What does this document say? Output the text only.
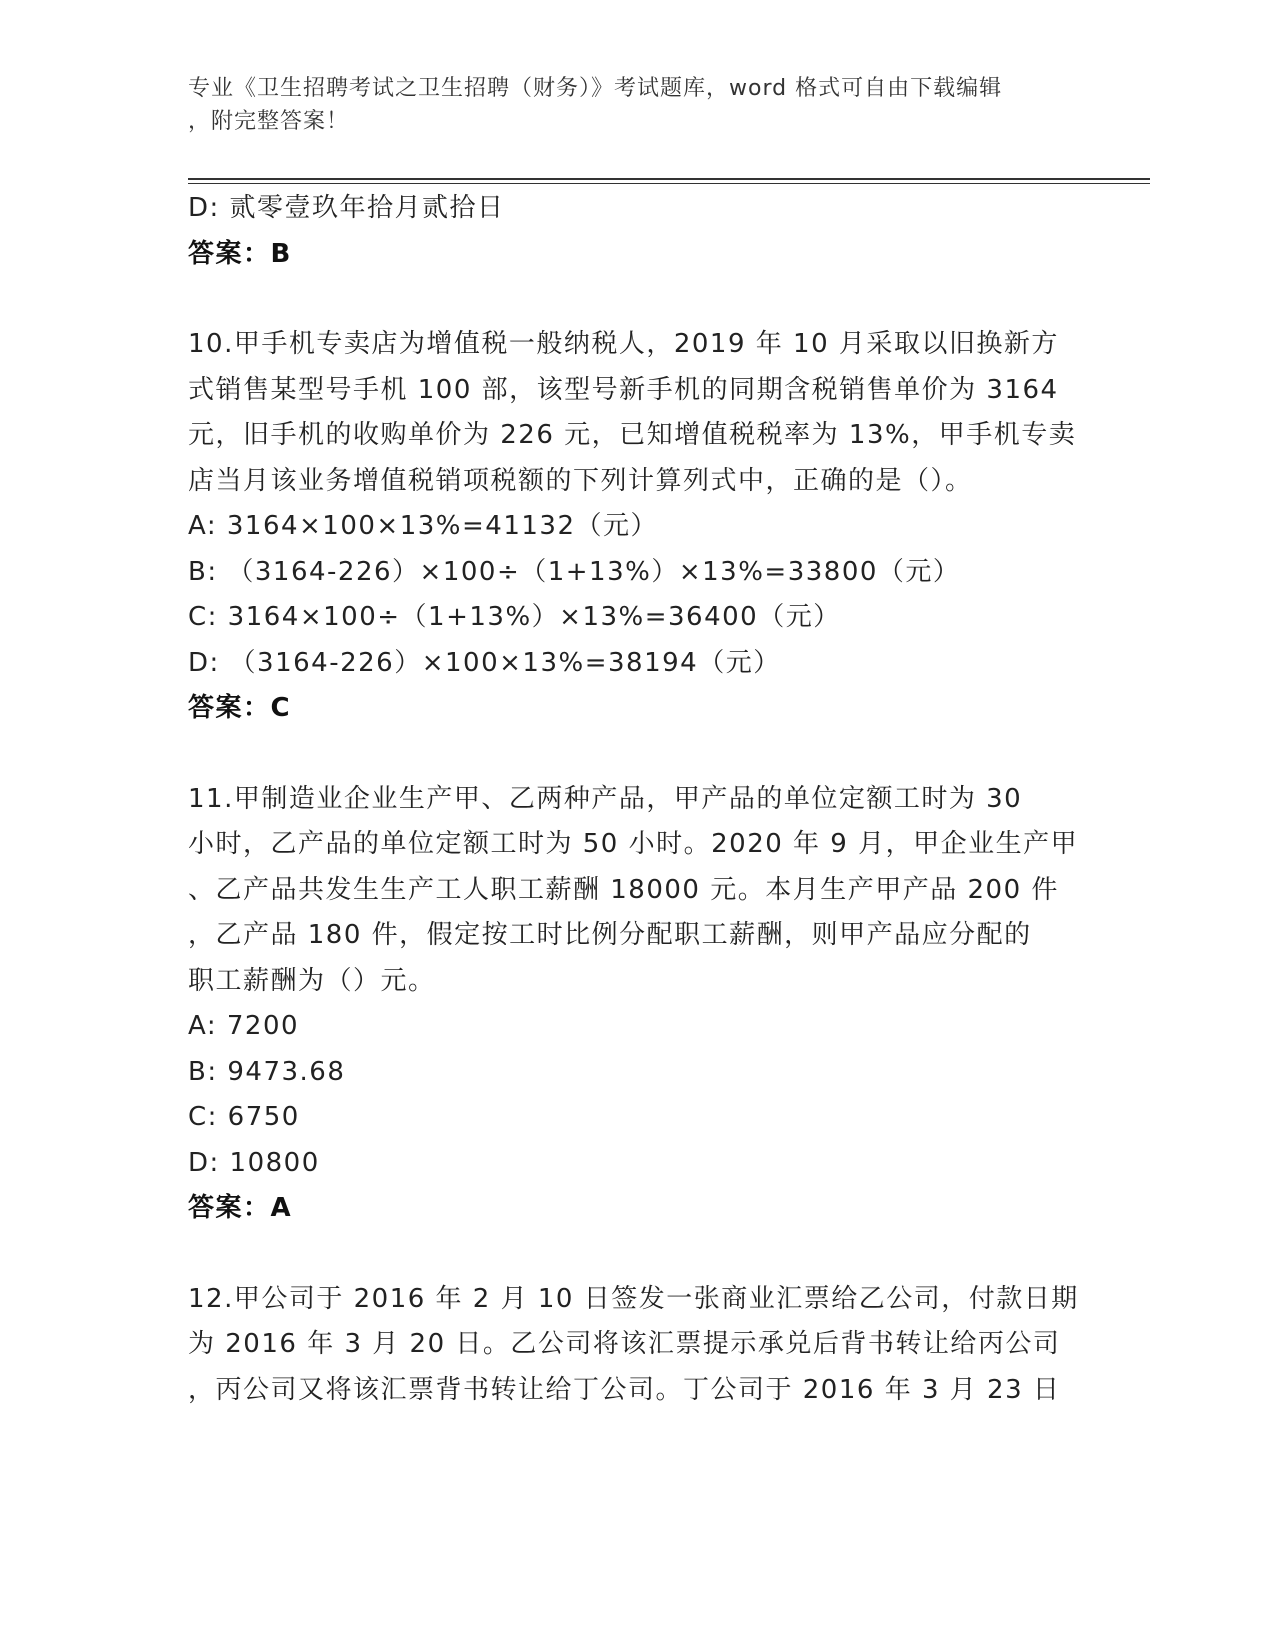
专业《卫生招聘考试之卫生招聘（财务）》考试题库，word 格式可自由下载编辑
，附完整答案！
D: 贰零壹玖年拾月贰拾日
答案：B
10.甲手机专卖店为增值税一般纳税人，2019 年 10 月采取以旧换新方
式销售某型号手机 100 部，该型号新手机的同期含税销售单价为 3164
元，旧手机的收购单价为 226 元，已知增值税税率为 13%，甲手机专卖
店当月该业务增值税销项税额的下列计算列式中，正确的是（）。
A: 3164×100×13%=41132（元）
B: （3164-226）×100÷（1+13%）×13%=33800（元）
C: 3164×100÷（1+13%）×13%=36400（元）
D: （3164-226）×100×13%=38194（元）
答案：C
11.甲制造业企业生产甲、乙两种产品，甲产品的单位定额工时为 30
小时，乙产品的单位定额工时为 50 小时。2020 年 9 月，甲企业生产甲
、乙产品共发生生产工人职工薪酬 18000 元。本月生产甲产品 200 件
，乙产品 180 件，假定按工时比例分配职工薪酬，则甲产品应分配的
职工薪酬为（）元。
A: 7200
B: 9473.68
C: 6750
D: 10800
答案：A
12.甲公司于 2016 年 2 月 10 日签发一张商业汇票给乙公司，付款日期
为 2016 年 3 月 20 日。乙公司将该汇票提示承兑后背书转让给丙公司
，丙公司又将该汇票背书转让给丁公司。丁公司于 2016 年 3 月 23 日
